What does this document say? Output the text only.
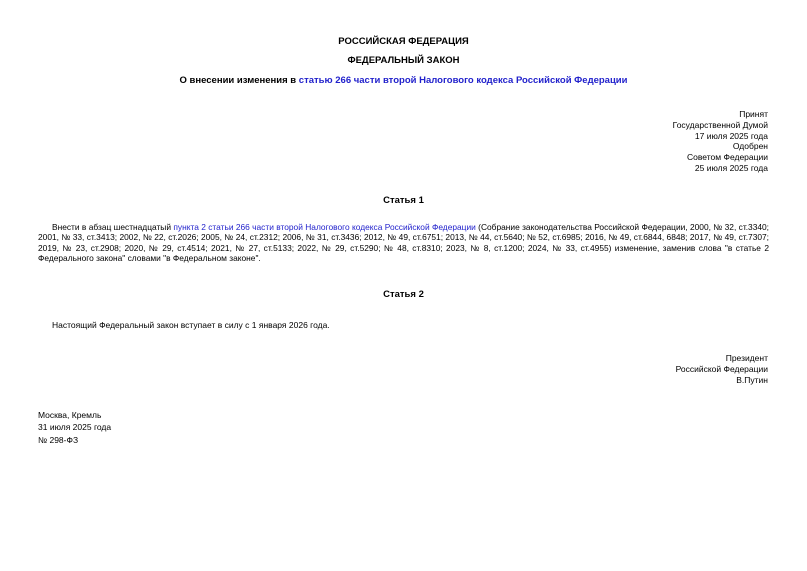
РОССИЙСКАЯ ФЕДЕРАЦИЯ
ФЕДЕРАЛЬНЫЙ ЗАКОН
О внесении изменения в статью 266 части второй Налогового кодекса Российской Федерации
Принят
Государственной Думой
17 июля 2025 года
Одобрен
Советом Федерации
25 июля 2025 года
Статья 1
Внести в абзац шестнадцатый пункта 2 статьи 266 части второй Налогового кодекса Российской Федерации (Собрание законодательства Российской Федерации, 2000, № 32, ст.3340; 2001, № 33, ст.3413; 2002, № 22, ст.2026; 2005, № 24, ст.2312; 2006, № 31, ст.3436; 2012, № 49, ст.6751; 2013, № 44, ст.5640; № 52, ст.6985; 2016, № 49, ст.6844, 6848; 2017, № 49, ст.7307; 2019, № 23, ст.2908; 2020, № 29, ст.4514; 2021, № 27, ст.5133; 2022, № 29, ст.5290; № 48, ст.8310; 2023, № 8, ст.1200; 2024, № 33, ст.4955) изменение, заменив слова "в статье 2 Федерального закона" словами "в Федеральном законе".
Статья 2
Настоящий Федеральный закон вступает в силу с 1 января 2026 года.
Президент
Российской Федерации
В.Путин
Москва, Кремль
31 июля 2025 года
№ 298-ФЗ
